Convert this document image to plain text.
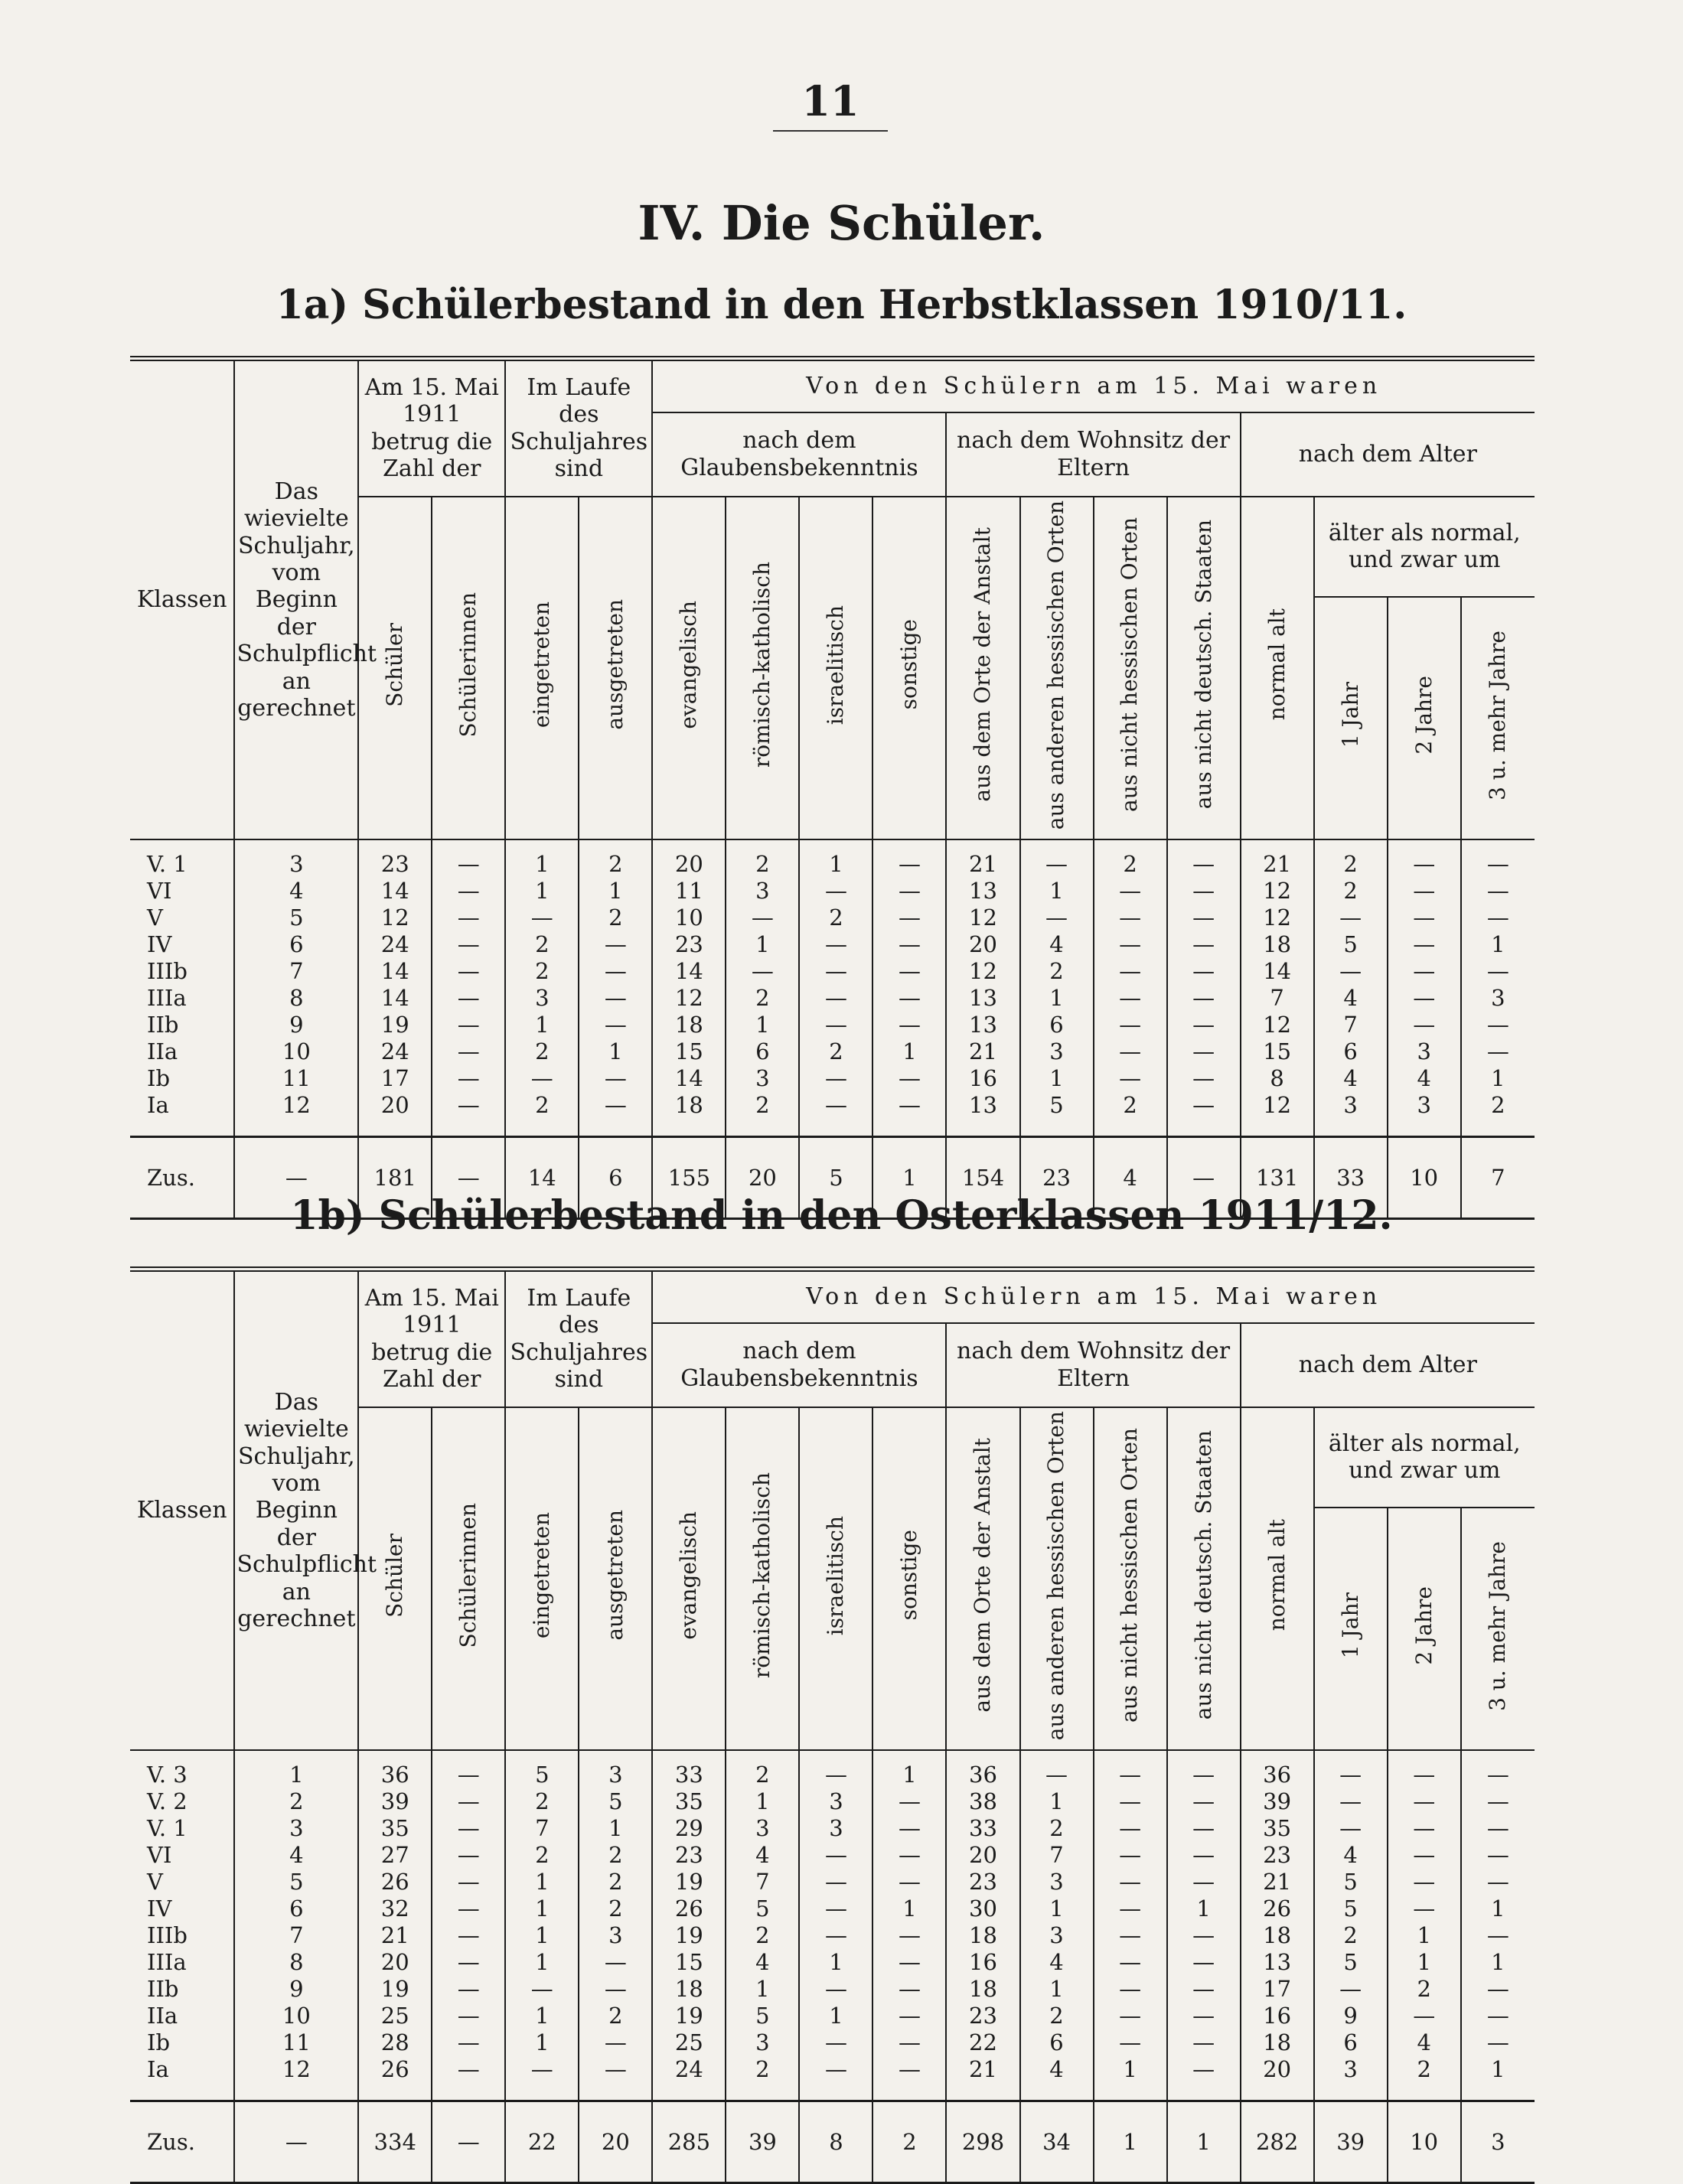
11
IV. Die Schüler.
1a) Schülerbestand in den Herbstklassen 1910/11.
Klassen	Das wievielte Schuljahr, vom Beginn der Schulpflicht an gerechnet	Am 15. Mai 1911 betrug die Zahl der		Im Laufe des Schuljahres sind		Von den Schülern am 15. Mai waren											
						nach dem Glaubensbekenntnis				nach dem Wohnsitz der Eltern				nach dem Alter			
		Schüler	Schülerinnen	eingetreten	ausgetreten	evangelisch	römisch-katholisch	israelitisch	sonstige	aus dem Orte der Anstalt	aus anderen hessischen Orten	aus nicht hessischen Orten	aus nicht deutsch. Staaten	normal alt	älter als normal, und zwar um		
															1 Jahr	2 Jahre	3 u. mehr Jahre
V. 1	3	23	—	1	2	20	2	1	—	21	—	2	—	21	2	—	—
VI	4	14	—	1	1	11	3	—	—	13	1	—	—	12	2	—	—
V	5	12	—	—	2	10	—	2	—	12	—	—	—	12	—	—	—
IV	6	24	—	2	—	23	1	—	—	20	4	—	—	18	5	—	1
IIIb	7	14	—	2	—	14	—	—	—	12	2	—	—	14	—	—	—
IIIa	8	14	—	3	—	12	2	—	—	13	1	—	—	7	4	—	3
IIb	9	19	—	1	—	18	1	—	—	13	6	—	—	12	7	—	—
IIa	10	24	—	2	1	15	6	2	1	21	3	—	—	15	6	3	—
Ib	11	17	—	—	—	14	3	—	—	16	1	—	—	8	4	4	1
Ia	12	20	—	2	—	18	2	—	—	13	5	2	—	12	3	3	2
Zus.	—	181	—	14	6	155	20	5	1	154	23	4	—	131	33	10	7
1b) Schülerbestand in den Osterklassen 1911/12.
Klassen	Das wievielte Schuljahr, vom Beginn der Schulpflicht an gerechnet	Am 15. Mai 1911 betrug die Zahl der		Im Laufe des Schuljahres sind		Von den Schülern am 15. Mai waren											
						nach dem Glaubensbekenntnis				nach dem Wohnsitz der Eltern				nach dem Alter			
		Schüler	Schülerinnen	eingetreten	ausgetreten	evangelisch	römisch-katholisch	israelitisch	sonstige	aus dem Orte der Anstalt	aus anderen hessischen Orten	aus nicht hessischen Orten	aus nicht deutsch. Staaten	normal alt	älter als normal, und zwar um		
															1 Jahr	2 Jahre	3 u. mehr Jahre
V. 3	1	36	—	5	3	33	2	—	1	36	—	—	—	36	—	—	—
V. 2	2	39	—	2	5	35	1	3	—	38	1	—	—	39	—	—	—
V. 1	3	35	—	7	1	29	3	3	—	33	2	—	—	35	—	—	—
VI	4	27	—	2	2	23	4	—	—	20	7	—	—	23	4	—	—
V	5	26	—	1	2	19	7	—	—	23	3	—	—	21	5	—	—
IV	6	32	—	1	2	26	5	—	1	30	1	—	1	26	5	—	1
IIIb	7	21	—	1	3	19	2	—	—	18	3	—	—	18	2	1	—
IIIa	8	20	—	1	—	15	4	1	—	16	4	—	—	13	5	1	1
IIb	9	19	—	—	—	18	1	—	—	18	1	—	—	17	—	2	—
IIa	10	25	—	1	2	19	5	1	—	23	2	—	—	16	9	—	—
Ib	11	28	—	1	—	25	3	—	—	22	6	—	—	18	6	4	—
Ia	12	26	—	—	—	24	2	—	—	21	4	1	—	20	3	2	1
Zus.	—	334	—	22	20	285	39	8	2	298	34	1	1	282	39	10	3
